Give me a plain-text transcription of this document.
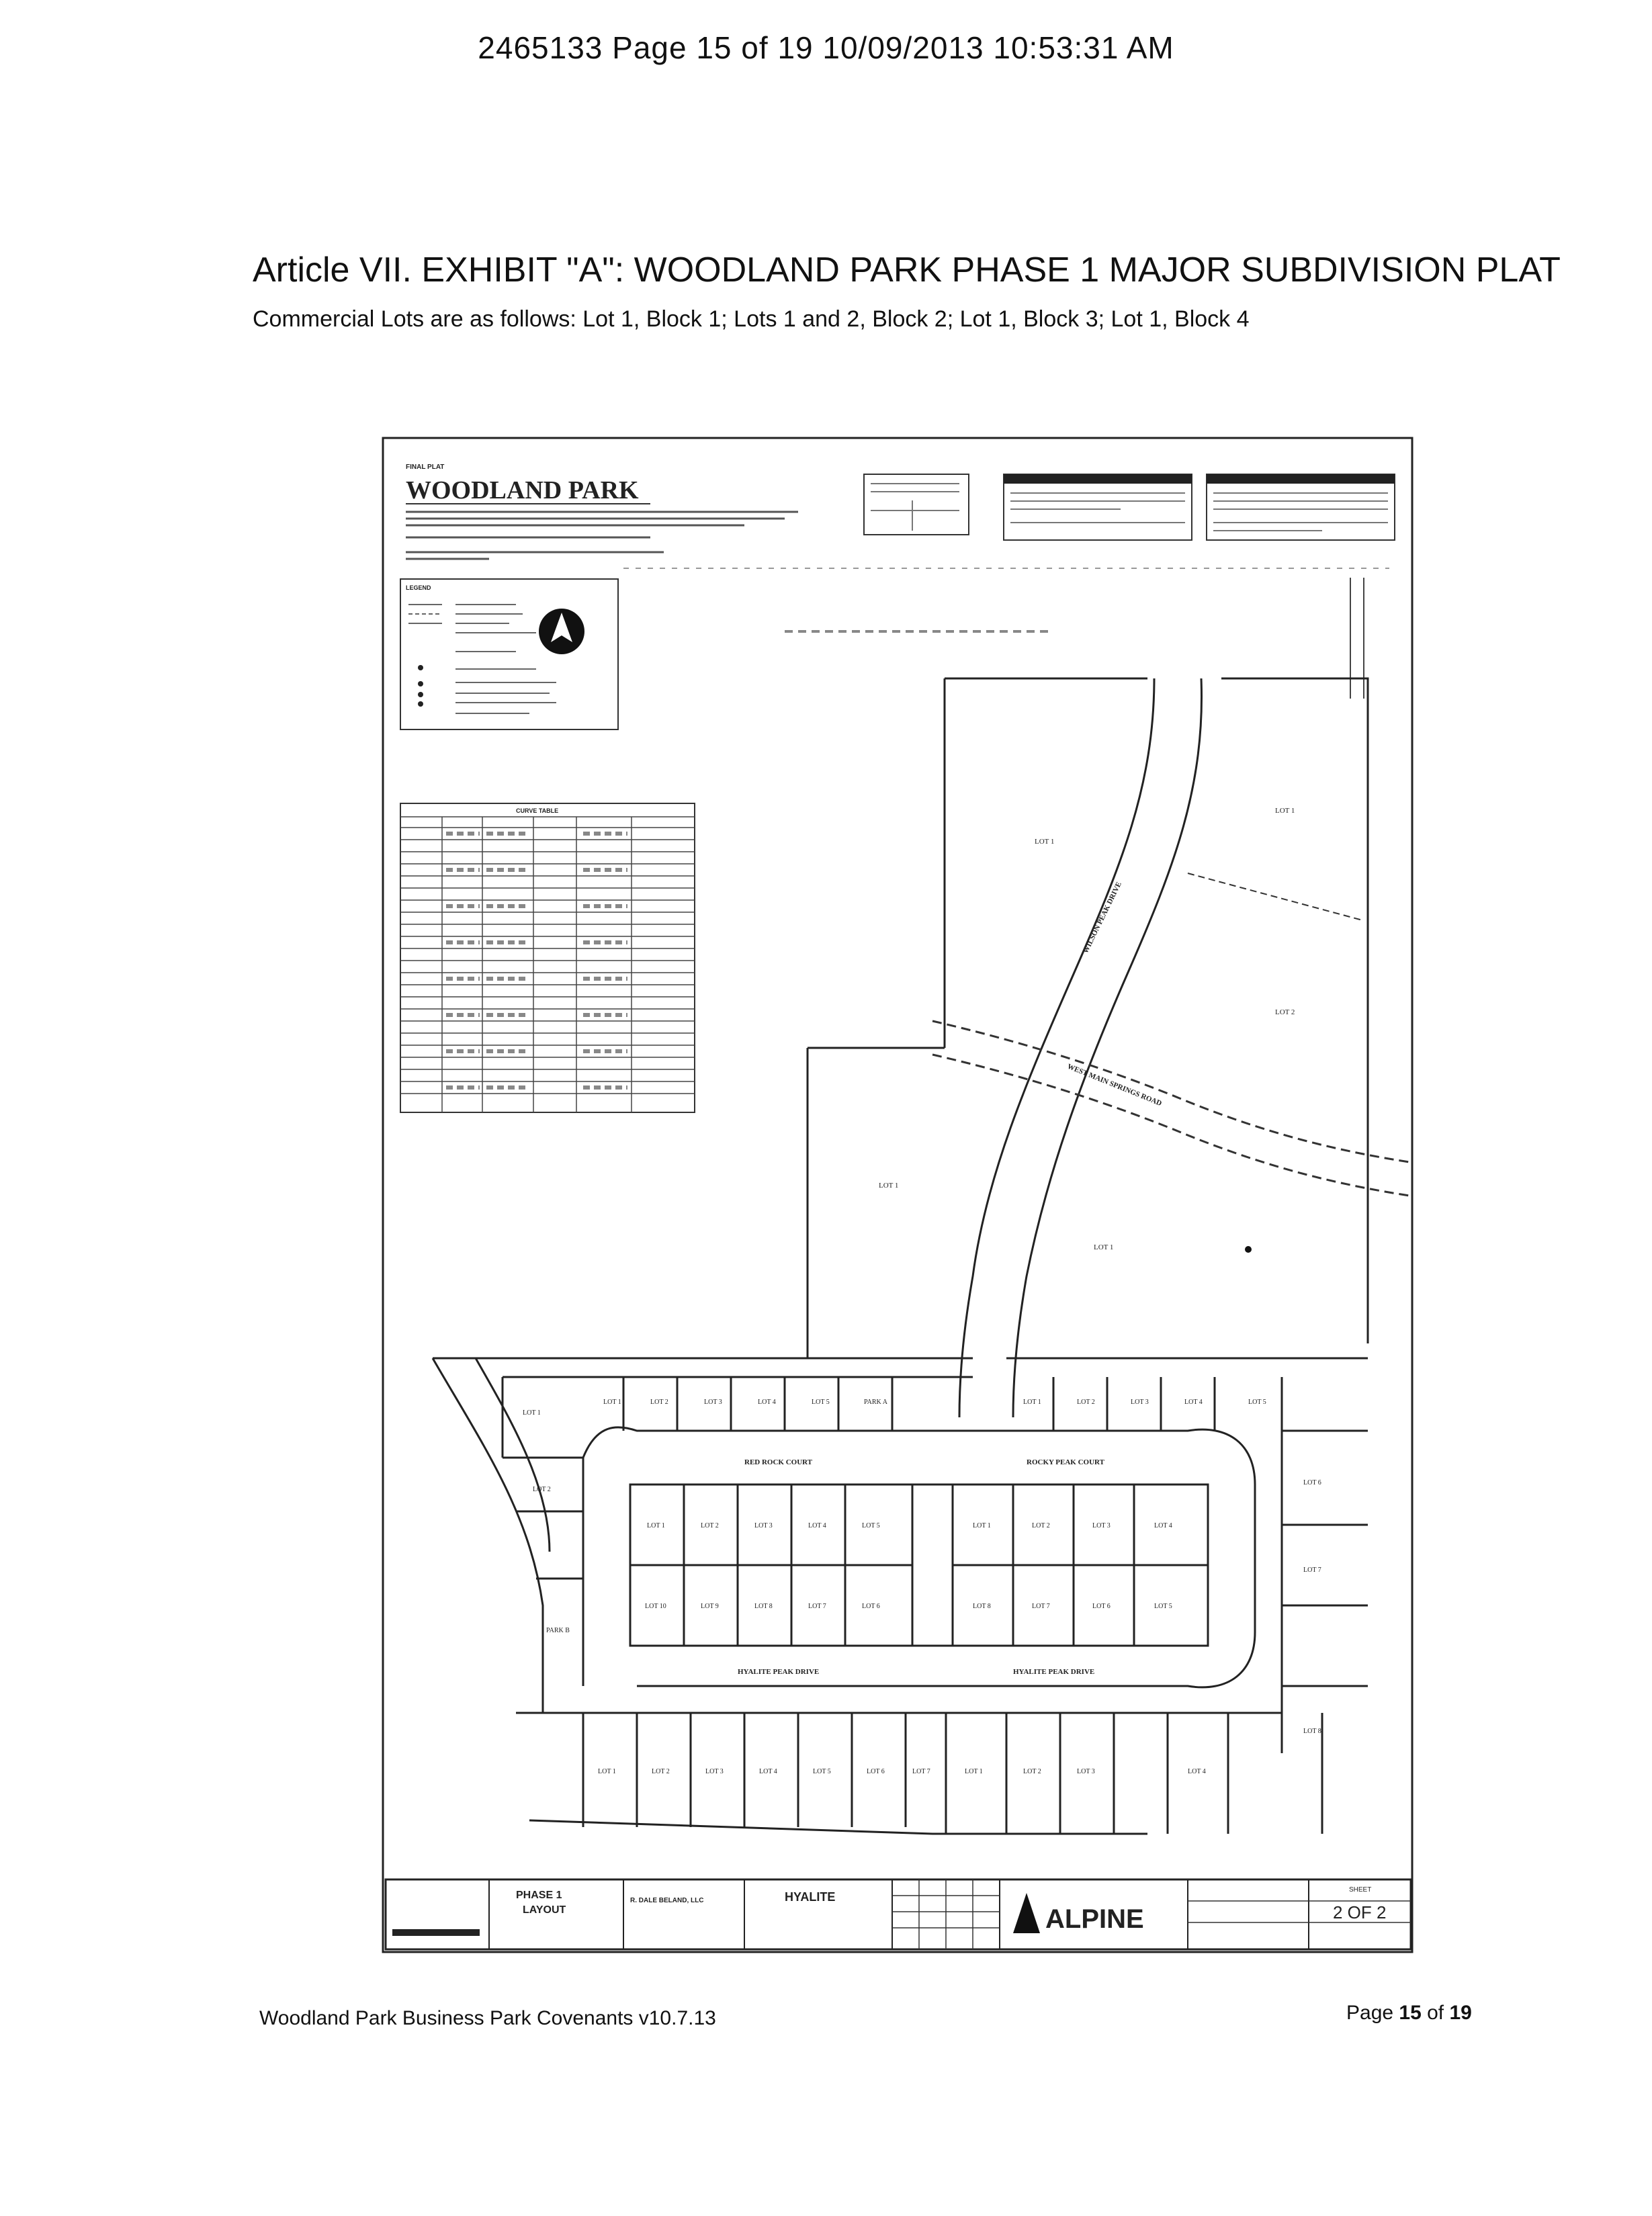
2465133 Page 15 of 19 10/09/2013 10:53:31 AM
Article VII. EXHIBIT "A": WOODLAND PARK PHASE 1 MAJOR SUBDIVISION PLAT
Commercial Lots are as follows: Lot 1, Block 1; Lots 1 and 2, Block 2; Lot 1, Block 3; Lot 1, Block 4
FINAL PLAT
WOODLAND PARK
LEGEND
CURVE TABLE
WEST MAIN SPRINGS ROAD
WILSON PEAK DRIVE
LOT 1
LOT 1
LOT 2
LOT 1
LOT 1
RED ROCK COURT	ROCKY PEAK COURT
HYALITE PEAK DRIVE	HYALITE PEAK DRIVE
LOT 1	LOT 2	LOT 3	LOT 4	LOT 5	PARK A	LOT 1	LOT 2	LOT 3	LOT 4	LOT 5
LOT 1	LOT 2	LOT 3	LOT 4	LOT 5	LOT 1	LOT 2	LOT 3	LOT 4
LOT 10	LOT 9	LOT 8	LOT 7	LOT 6	LOT 8	LOT 7	LOT 6	LOT 5
LOT 1	LOT 2	LOT 3	LOT 4	LOT 5	LOT 6	LOT 7	LOT 1	LOT 2	LOT 3	LOT 4
LOT 2
LOT 1
PARK B
LOT 6
LOT 7
LOT 8
PHASE 1
LAYOUT
R. DALE BELAND, LLC	HYALITE
ALPINE
SHEET
2 OF 2
Woodland Park Business Park Covenants v10.7.13	Page 15 of 19
